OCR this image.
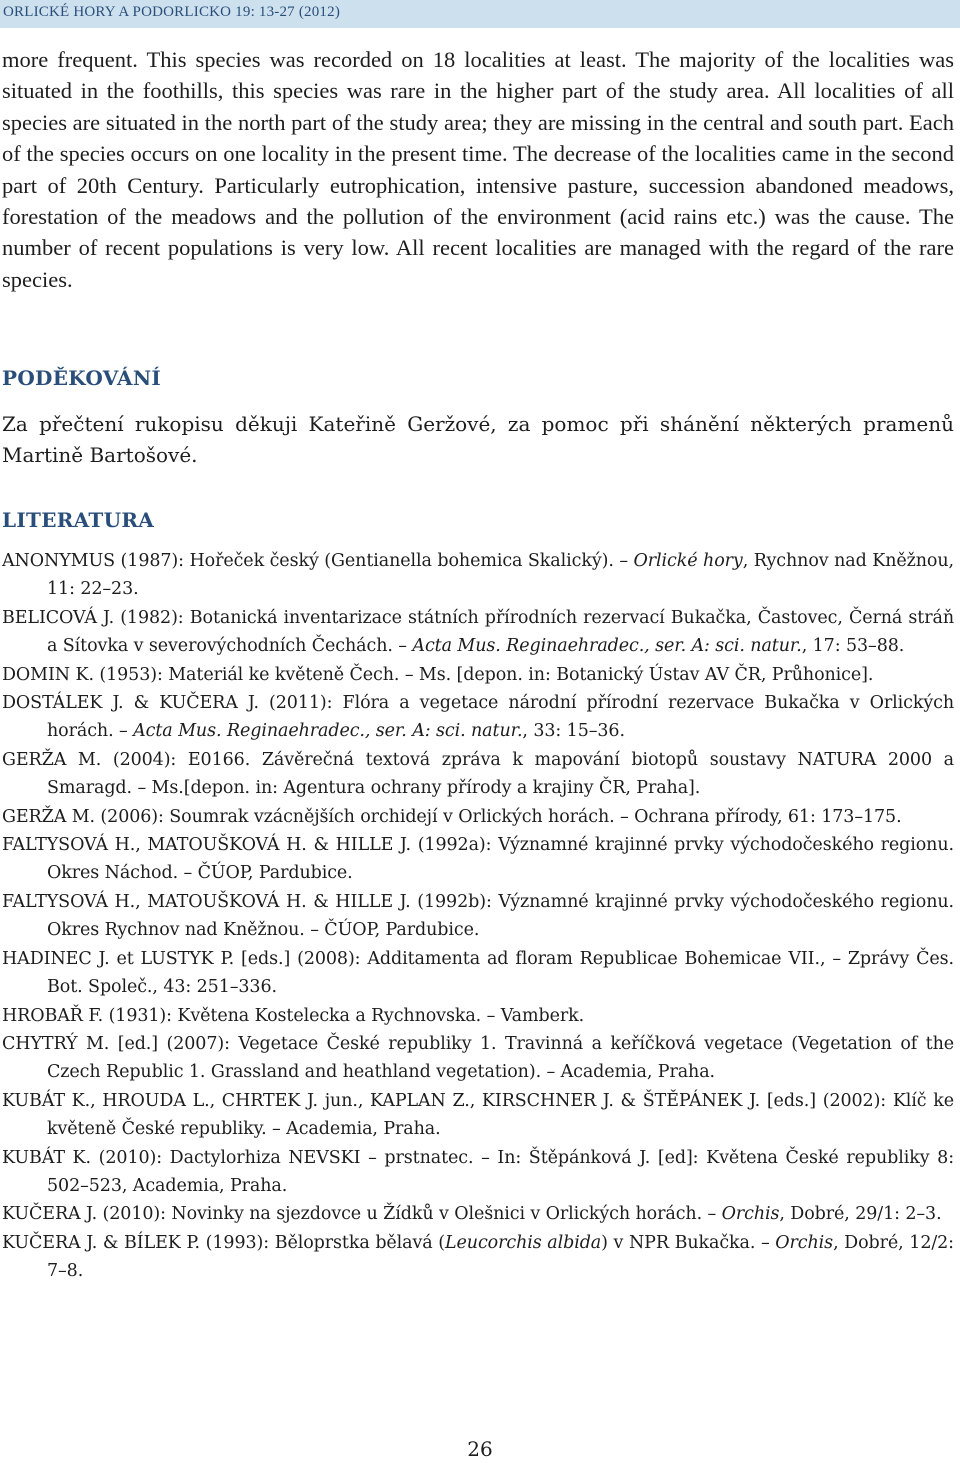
ORLICKÉ HORY A PODORLICKO 19: 13-27 (2012)

more frequent. This species was recorded on 18 localities at least. The majority of the localities was situated in the foothills, this species was rare in the higher part of the study area. All localities of all species are situated in the north part of the study area; they are missing in the central and south part. Each of the species occurs on one locality in the present time. The decrease of the localities came in the second part of 20th Century. Particularly eutrophication, intensive pasture, succession abandoned meadows, forestation of the meadows and the pollution of the environment (acid rains etc.) was the cause. The number of recent populations is very low. All recent localities are managed with the regard of the rare species.

PODĚKOVÁNÍ

Za přečtení rukopisu děkuji Kateřině Geržové, za pomoc při shánění některých pramenů Martině Bartošové.

LITERATURA
ANONYMUS (1987): Hořeček český (Gentianella bohemica Skalický). – Orlické hory, Rychnov nad Kněžnou, 11: 22–23.
BELICOVÁ J. (1982): Botanická inventarizace státních přírodních rezervací Bukačka, Častovec, Černá stráň a Sítovka v severovýchodních Čechách. – Acta Mus. Reginaehradec., ser. A: sci. natur., 17: 53–88.
DOMIN K. (1953): Materiál ke květeně Čech. – Ms. [depon. in: Botanický Ústav AV ČR, Průhonice].
DOSTÁLEK J. & KUČERA J. (2011): Flóra a vegetace národní přírodní rezervace Bukačka v Orlických horách. – Acta Mus. Reginaehradec., ser. A: sci. natur., 33: 15–36.
GERŽA M. (2004): E0166. Závěrečná textová zpráva k mapování biotopů soustavy NATURA 2000 a Smaragd. – Ms.[depon. in: Agentura ochrany přírody a krajiny ČR, Praha].
GERŽA M. (2006): Soumrak vzácnějších orchidejí v Orlických horách. – Ochrana přírody, 61: 173–175.
FALTYSOVÁ H., MATOUŠKOVÁ H. & HILLE J. (1992a): Významné krajinné prvky východočeského regionu. Okres Náchod. – ČÚOP, Pardubice.
FALTYSOVÁ H., MATOUŠKOVÁ H. & HILLE J. (1992b): Významné krajinné prvky východočeského regionu. Okres Rychnov nad Kněžnou. – ČÚOP, Pardubice.
HADINEC J. et LUSTYK P. [eds.] (2008): Additamenta ad floram Republicae Bohemicae VII., – Zprávy Čes. Bot. Společ., 43: 251–336.
HROBAŘ F. (1931): Květena Kostelecka a Rychnovska. – Vamberk.
CHYTRÝ M. [ed.] (2007): Vegetace České republiky 1. Travinná a keříčková vegetace (Vegetation of the Czech Republic 1. Grassland and heathland vegetation). – Academia, Praha.
KUBÁT K., HROUDA L., CHRTEK J. jun., KAPLAN Z., KIRSCHNER J. & ŠTĚPÁNEK J. [eds.] (2002): Klíč ke květeně České republiky. – Academia, Praha.
KUBÁT K. (2010): Dactylorhiza NEVSKI – prstnatec. – In: Štěpánková J. [ed]: Květena České republiky 8: 502–523, Academia, Praha.
KUČERA J. (2010): Novinky na sjezdovce u Žídků v Olešnici v Orlických horách. – Orchis, Dobré, 29/1: 2–3.
KUČERA J. & BÍLEK P. (1993): Běloprstka bělavá (Leucorchis albida) v NPR Bukačka. – Orchis, Dobré, 12/2: 7–8.
26
